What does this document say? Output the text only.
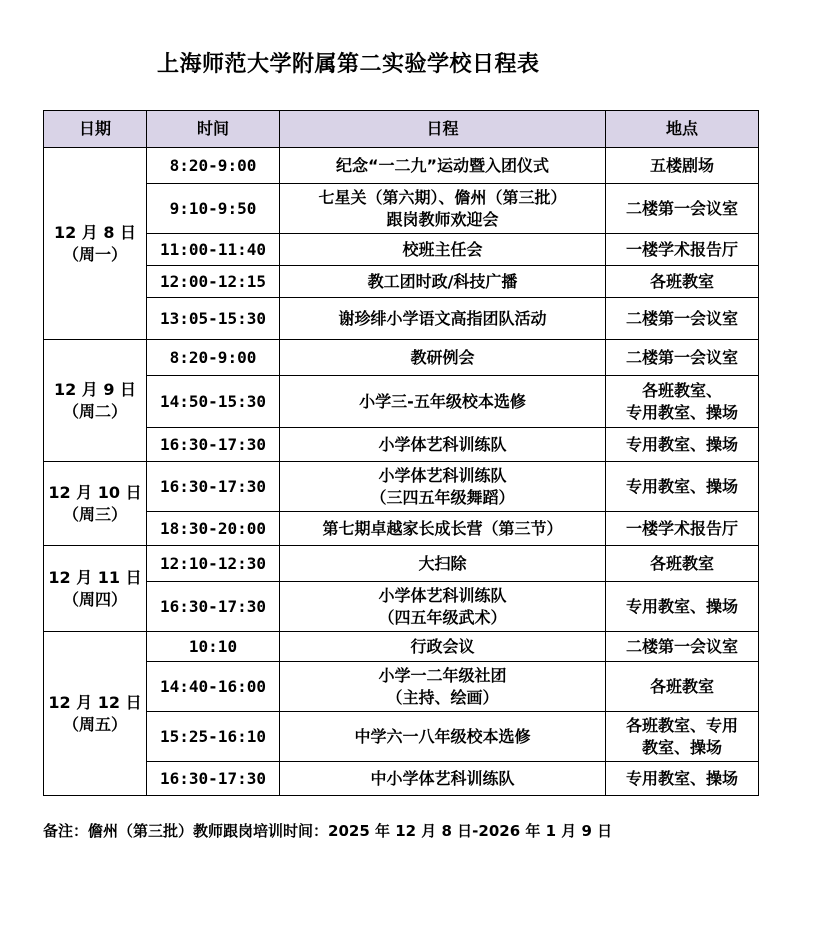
上海师范大学附属第二实验学校日程表
日期	时间	日程	地点

12 月 8 日
（周一）	8:20-9:00	纪念“一二九”运动暨入团仪式	五楼剧场

	9:10-9:50	七星关（第六期）、儋州（第三批）
跟岗教师欢迎会	二楼第一会议室

	11:00-11:40	校班主任会	一楼学术报告厅

	12:00-12:15	教工团时政/科技广播	各班教室

	13:05-15:30	谢珍绯小学语文高指团队活动	二楼第一会议室

12 月 9 日
（周二）	8:20-9:00	教研例会	二楼第一会议室

	14:50-15:30	小学三-五年级校本选修	各班教室、
专用教室、操场

	16:30-17:30	小学体艺科训练队	专用教室、操场

12 月 10 日
（周三）	16:30-17:30	小学体艺科训练队
（三四五年级舞蹈）	专用教室、操场

	18:30-20:00	第七期卓越家长成长营（第三节）	一楼学术报告厅

12 月 11 日
（周四）	12:10-12:30	大扫除	各班教室

	16:30-17:30	小学体艺科训练队
（四五年级武术）	专用教室、操场

12 月 12 日
（周五）	10:10	行政会议	二楼第一会议室

	14:40-16:00	小学一二年级社团
（主持、绘画）	各班教室

	15:25-16:10	中学六一八年级校本选修	各班教室、专用
教室、操场

	16:30-17:30	中小学体艺科训练队	专用教室、操场
备注：儋州（第三批）教师跟岗培训时间：2025 年 12 月 8 日-2026 年 1 月 9 日
